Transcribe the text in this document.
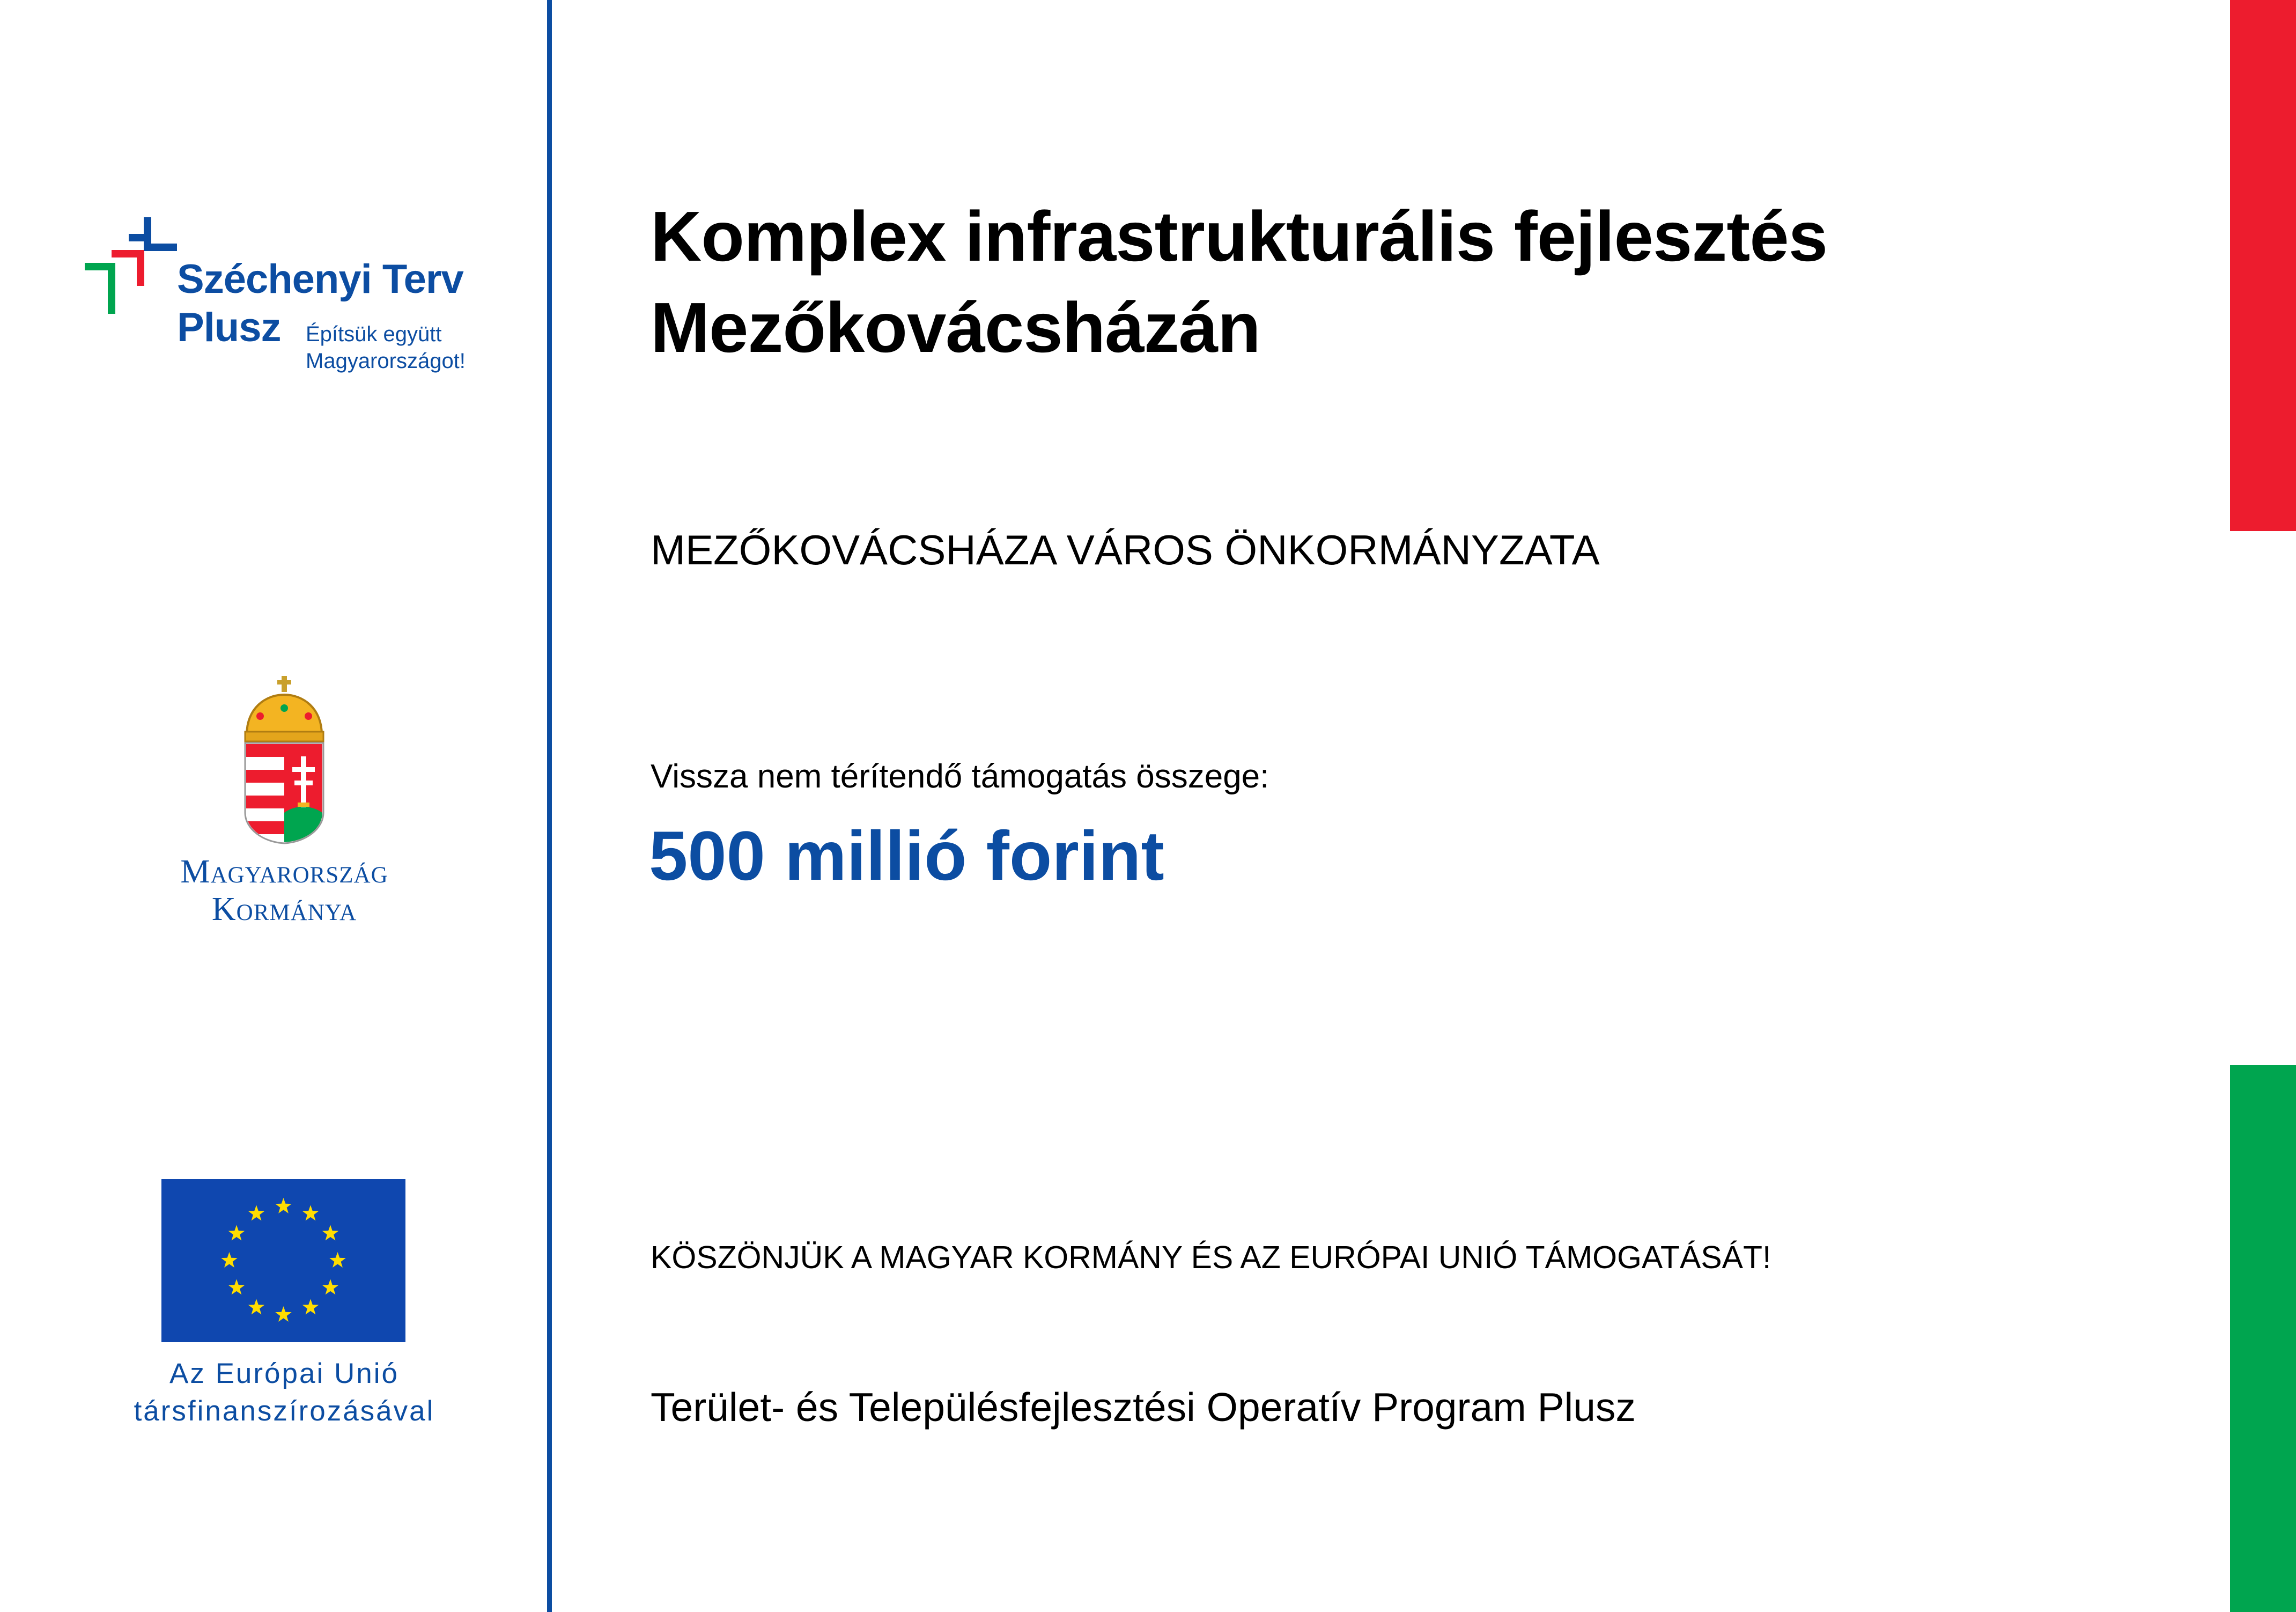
Széchenyi Terv
Plusz Építsük együtt
Magyarországot!
Magyarország
Kormánya
Az Európai Unió
társfinanszírozásával
Komplex infrastrukturális fejlesztés
Mezőkovácsházán
MEZŐKOVÁCSHÁZA VÁROS ÖNKORMÁNYZATA
Vissza nem térítendő támogatás összege:
500 millió forint
KÖSZÖNJÜK A MAGYAR KORMÁNY ÉS AZ EURÓPAI UNIÓ TÁMOGATÁSÁT!
Terület- és Településfejlesztési Operatív Program Plusz
